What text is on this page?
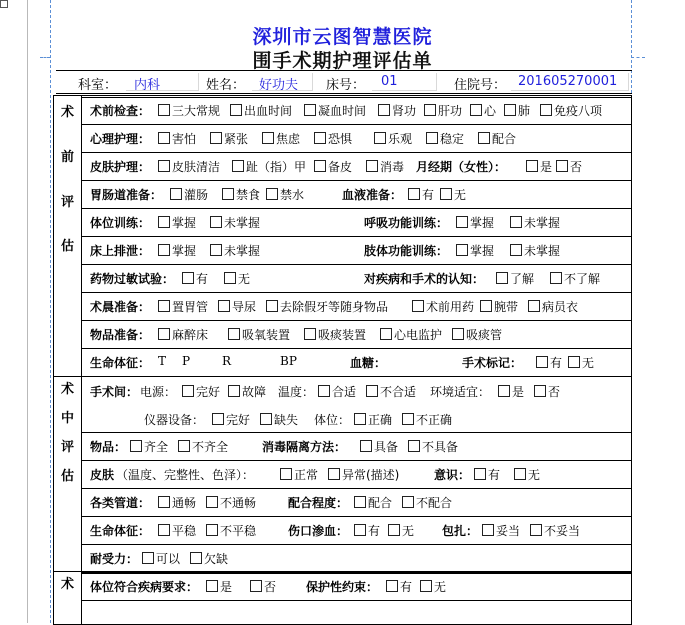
深圳市云图智慧医院
围手术期护理评估单
科室： 内科	姓名： 好功夫 床号： 01	住院号： 201605270001
术
前
评
估
术前检查：	三大常规	出血时间	凝血时间	肾功	肝功	心	肺	免疫八项
心理护理：	害怕	紧张	焦虑	恐惧	乐观	稳定	配合
皮肤护理：	皮肤清洁	趾（指）甲	备皮	消毒 月经期（女性）：	是	否
胃肠道准备：	灌肠	禁食	禁水	血液准备：	有	无
体位训练：	掌握	未掌握	呼吸功能训练：	掌握	未掌握
床上排泄：	掌握	未掌握	肢体功能训练：	掌握	未掌握
药物过敏试验：	有	无	对疾病和手术的认知：	了解	不了解
术晨准备：	置胃管	导尿	去除假牙等随身物品	术前用药	腕带	病员衣
物品准备：	麻醉床	吸氧装置	吸痰装置	心电监护	吸痰管
生命体征： T P	R	BP	血糖：	手术标记：	有	无
术
中
评
估
手术间： 电源：	完好	故障 温度：	合适	不合适 环境适宜：	是	否
仪器设备：	完好	缺失 体位：	正确	不正确
物品：	齐全	不齐全	消毒隔离方法：	具备	不具备
皮肤 （温度、完整性、色泽）：	正常	异常(描述)	意识：	有	无
各类管道：	通畅	不通畅	配合程度：	配合	不配合
生命体征：	平稳	不平稳	伤口渗血：	有	无 包扎：	妥当	不妥当
耐受力：	可以	欠缺
术	体位符合疾病要求：	是	否 保护性约束：	有	无
